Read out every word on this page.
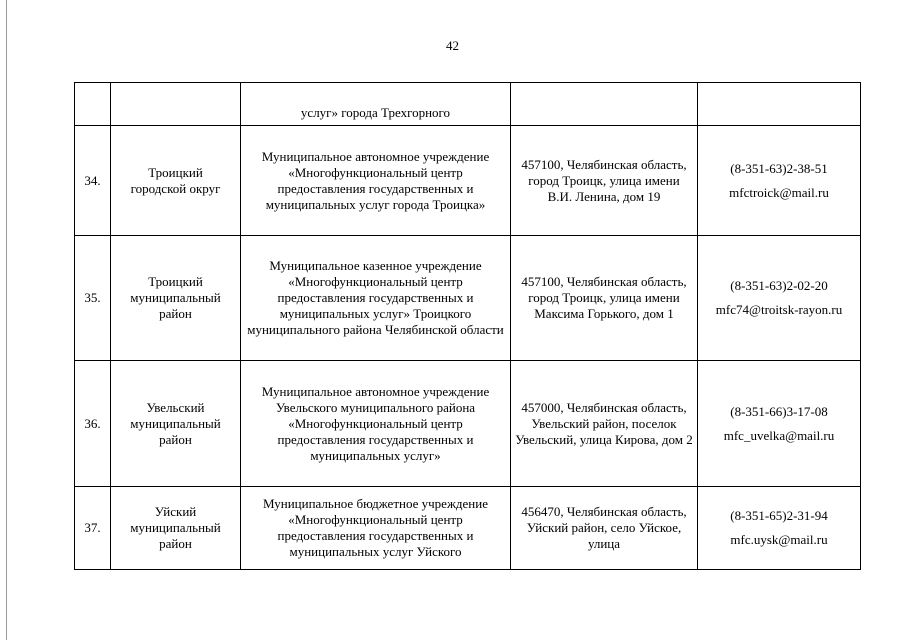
42
		услуг» города Трехгорного		
34.	Троицкий городской округ	Муниципальное автономное учреждение «Многофункциональный центр предоставления государственных и муниципальных услуг города Троицка»	457100, Челябинская область, город Троицк, улица имени В.И. Ленина, дом 19	(8-351-63)2-38-51
mfctroick@mail.ru

35.	Троицкий муниципальный район	Муниципальное казенное учреждение «Многофункциональный центр предоставления государственных и муниципальных услуг» Троицкого муниципального района Челябинской области	457100, Челябинская область, город Троицк, улица имени Максима Горького, дом 1	(8-351-63)2-02-20
mfc74@troitsk-rayon.ru

36.	Увельский муниципальный район	Муниципальное автономное учреждение Увельского муниципального района «Многофункциональный центр предоставления государственных и муниципальных услуг»	457000, Челябинская область, Увельский район, поселок Увельский, улица Кирова, дом 2	(8-351-66)3-17-08
mfc_uvelka@mail.ru

37.	Уйский муниципальный район	Муниципальное бюджетное учреждение «Многофункциональный центр предоставления государственных и муниципальных услуг Уйского	456470, Челябинская область, Уйский район, село Уйское, улица	(8-351-65)2-31-94
mfc.uysk@mail.ru
